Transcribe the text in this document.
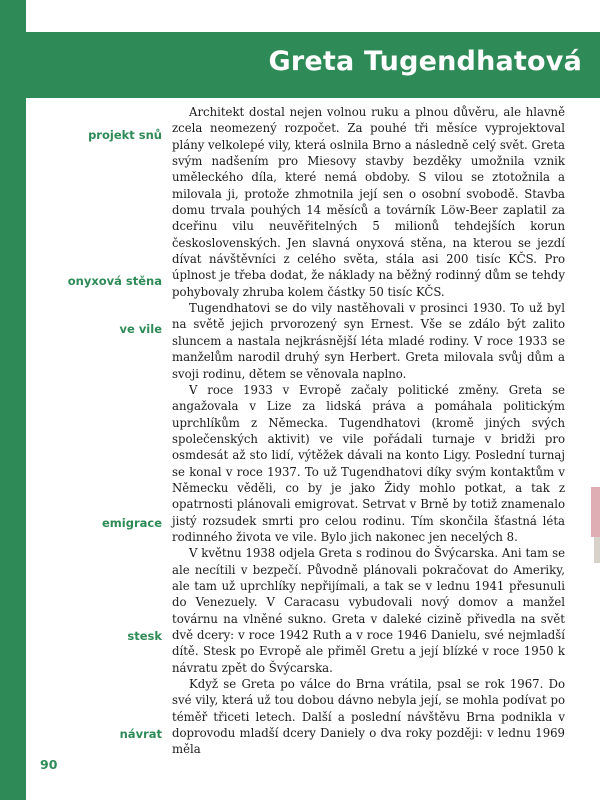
Greta Tugendhatová
projekt snů
onyxová stěna
ve vile
emigrace
stesk
návrat

Architekt dostal nejen volnou ruku a plnou důvěru, ale hlavně zcela neomezený rozpočet. Za pouhé tři měsíce vyprojektoval plány velkolepé vily, která oslnila Brno a následně celý svět. Greta svým nadšením pro Miesovy stavby bezděky umožnila vznik uměleckého díla, které nemá obdoby. S vilou se ztotožnila a milovala ji, protože zhmotnila její sen o osobní svobodě. Stavba domu trvala pouhých 14 měsíců a továrník Löw-Beer zaplatil za dceřinu vilu neuvěřitelných 5 milionů tehdejších korun československých. Jen slavná onyxová stěna, na kterou se jezdí dívat návštěvníci z celého světa, stála asi 200 tisíc KČS. Pro úplnost je třeba dodat, že náklady na běžný rodinný dům se tehdy pohybovaly zhruba kolem částky 50 tisíc KČS.

Tugendhatovi se do vily nastěhovali v prosinci 1930. To už byl na světě jejich prvorozený syn Ernest. Vše se zdálo být zalito sluncem a nastala nejkrásnější léta mladé rodiny. V roce 1933 se manželům narodil druhý syn Herbert. Greta milovala svůj dům a svoji rodinu, dětem se věnovala naplno.

V roce 1933 v Evropě začaly politické změny. Greta se angažovala v Lize za lidská práva a pomáhala politickým uprchlíkům z Německa. Tugendhatovi (kromě jiných svých společenských aktivit) ve vile pořádali turnaje v bridži pro osmdesát až sto lidí, výtěžek dávali na konto Ligy. Poslední turnaj se konal v roce 1937. To už Tugendhatovi díky svým kontaktům v Německu věděli, co by je jako Židy mohlo potkat, a tak z opatrnosti plánovali emigrovat. Setrvat v Brně by totiž znamenalo jistý rozsudek smrti pro celou rodinu. Tím skončila šťastná léta rodinného života ve vile. Bylo jich nakonec jen necelých 8.

V květnu 1938 odjela Greta s rodinou do Švýcarska. Ani tam se ale necítili v bezpečí. Původně plánovali pokračovat do Ameriky, ale tam už uprchlíky nepřijímali, a tak se v lednu 1941 přesunuli do Venezuely. V Caracasu vybudovali nový domov a manžel továrnu na vlněné sukno. Greta v daleké cizině přivedla na svět dvě dcery: v roce 1942 Ruth a v roce 1946 Danielu, své nejmladší dítě. Stesk po Evropě ale přiměl Gretu a její blízké v roce 1950 k návratu zpět do Švýcarska.

Když se Greta po válce do Brna vrátila, psal se rok 1967. Do své vily, která už tou dobou dávno nebyla její, se mohla podívat po téměř třiceti letech. Další a poslední návštěvu Brna podnikla v doprovodu mladší dcery Daniely o dva roky později: v lednu 1969 měla

90
